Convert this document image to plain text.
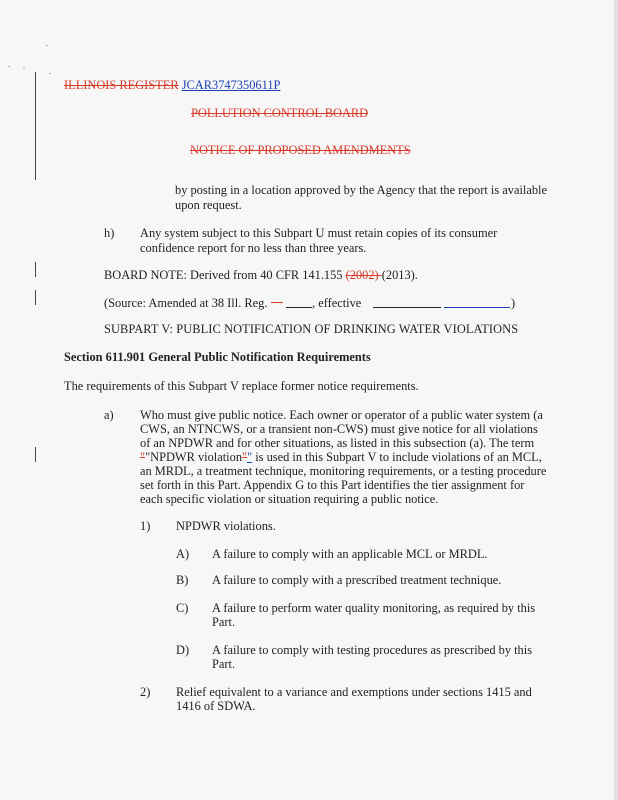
ILLINOIS REGISTER JCAR3747350611P
POLLUTION CONTROL BOARD
NOTICE OF PROPOSED AMENDMENTS
by posting in a location approved by the Agency that the report is available
upon request.
h) Any system subject to this Subpart U must retain copies of its consumer
confidence report for no less than three years.
BOARD NOTE: Derived from 40 CFR 141.155 (2002) (2013).
(Source: Amended at 38 Ill. Reg.	, effective	)
SUBPART V: PUBLIC NOTIFICATION OF DRINKING WATER VIOLATIONS
Section 611.901 General Public Notification Requirements
The requirements of this Subpart V replace former notice requirements.
a) Who must give public notice. Each owner or operator of a public water system (a
CWS, an NTNCWS, or a transient non-CWS) must give notice for all violations
of an NPDWR and for other situations, as listed in this subsection (a). The term
""NPDWR violation"" is used in this Subpart V to include violations of an MCL,
an MRDL, a treatment technique, monitoring requirements, or a testing procedure
set forth in this Part. Appendix G to this Part identifies the tier assignment for
each specific violation or situation requiring a public notice.
1) NPDWR violations.
A) A failure to comply with an applicable MCL or MRDL.
B) A failure to comply with a prescribed treatment technique.
C) A failure to perform water quality monitoring, as required by this
Part.
D) A failure to comply with testing procedures as prescribed by this
Part.
2) Relief equivalent to a variance and exemptions under sections 1415 and
1416 of SDWA.
